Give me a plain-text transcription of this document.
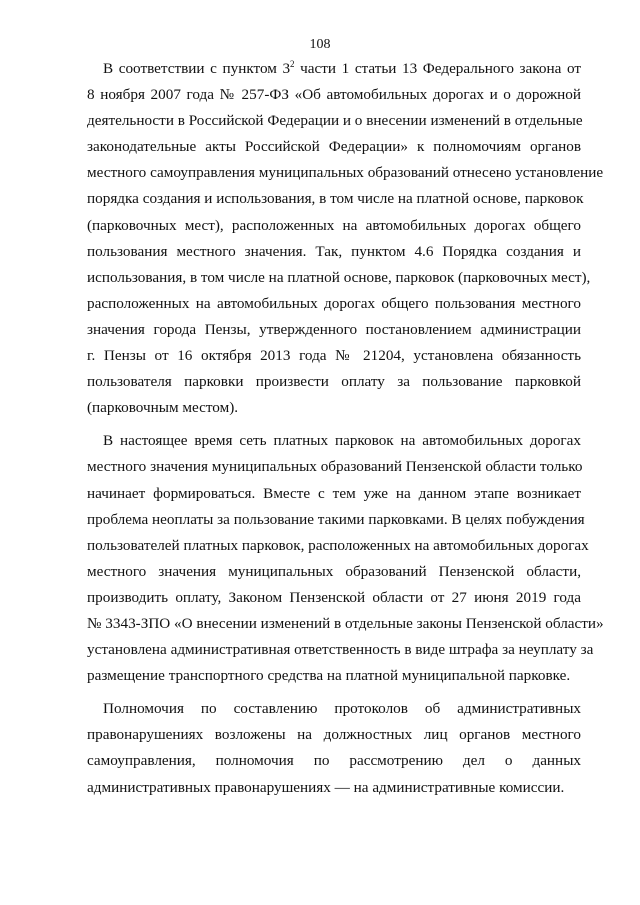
108
В соответствии с пунктом $3^2$ части 1 статьи 13 Федерального закона от
8 ноября 2007 года № 257-ФЗ «Об автомобильных дорогах и о дорожной
деятельности в Российской Федерации и о внесении изменений в отдельные
законодательные акты Российской Федерации» к полномочиям органов
местного самоуправления муниципальных образований отнесено установление
порядка создания и использования, в том числе на платной основе, парковок
(парковочных мест), расположенных на автомобильных дорогах общего
пользования местного значения. Так, пунктом 4.6 Порядка создания и
использования, в том числе на платной основе, парковок (парковочных мест),
расположенных на автомобильных дорогах общего пользования местного
значения города Пензы, утвержденного постановлением администрации
г. Пензы от 16 октября 2013 года № 21204, установлена обязанность
пользователя парковки произвести оплату за пользование парковкой
(парковочным местом).
В настоящее время сеть платных парковок на автомобильных дорогах
местного значения муниципальных образований Пензенской области только
начинает формироваться. Вместе с тем уже на данном этапе возникает
проблема неоплаты за пользование такими парковками. В целях побуждения
пользователей платных парковок, расположенных на автомобильных дорогах
местного значения муниципальных образований Пензенской области,
производить оплату, Законом Пензенской области от 27 июня 2019 года
№ 3343-ЗПО «О внесении изменений в отдельные законы Пензенской области»
установлена административная ответственность в виде штрафа за неуплату за
размещение транспортного средства на платной муниципальной парковке.
Полномочия по составлению протоколов об административных
правонарушениях возложены на должностных лиц органов местного
самоуправления, полномочия по рассмотрению дел о данных
административных правонарушениях — на административные комиссии.
